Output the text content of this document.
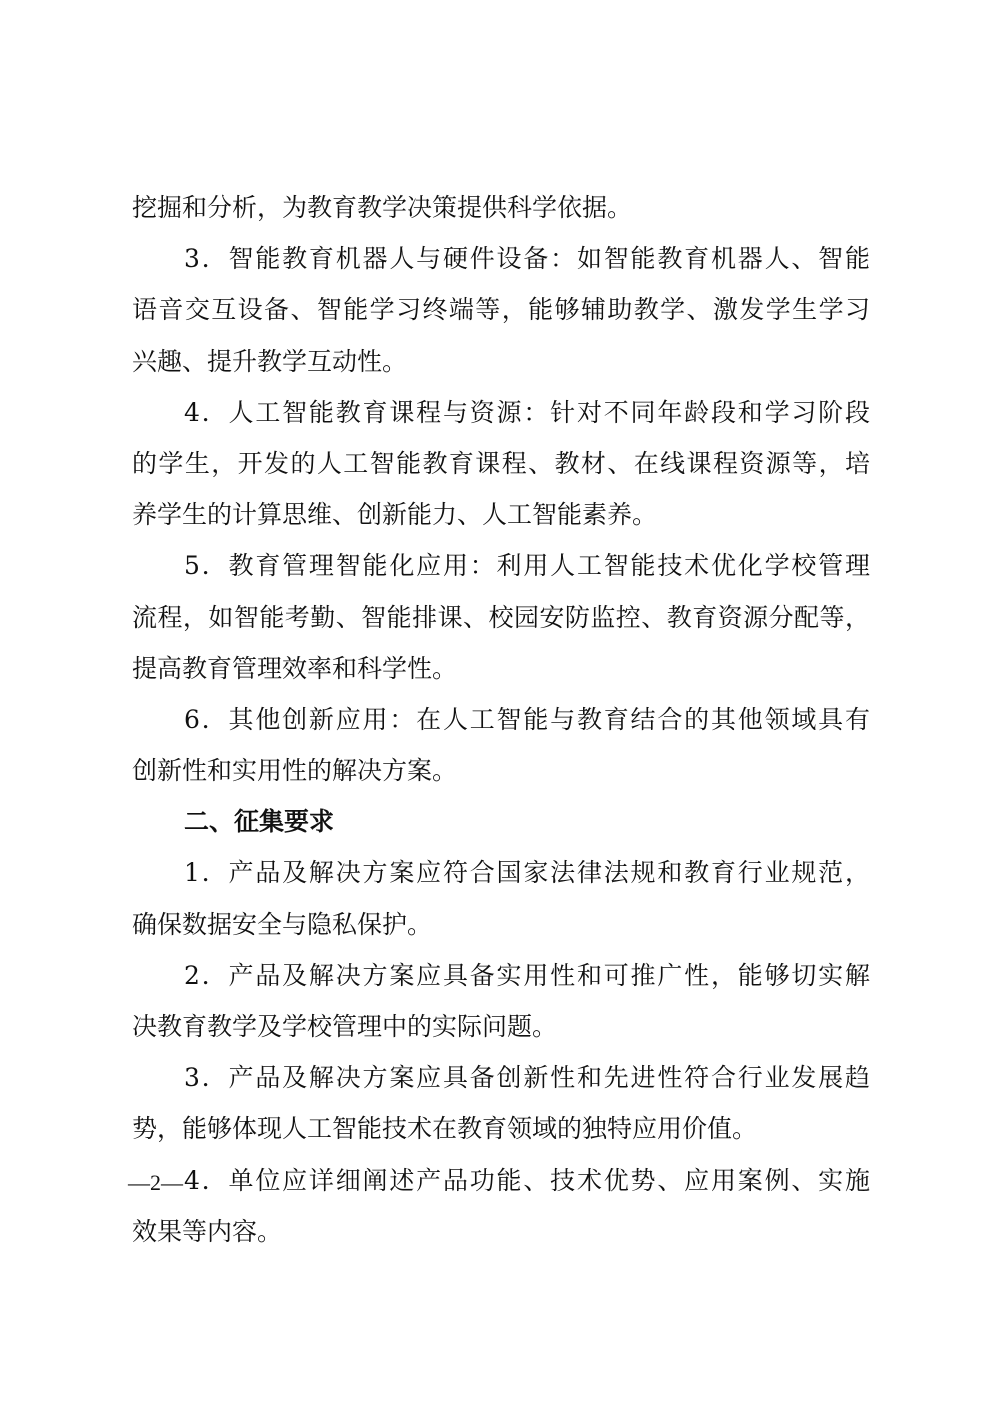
挖掘和分析，为教育教学决策提供科学依据。
3．智能教育机器人与硬件设备：如智能教育机器人、智能
语音交互设备、智能学习终端等，能够辅助教学、激发学生学习
兴趣、提升教学互动性。
4．人工智能教育课程与资源：针对不同年龄段和学习阶段
的学生，开发的人工智能教育课程、教材、在线课程资源等，培
养学生的计算思维、创新能力、人工智能素养。
5．教育管理智能化应用：利用人工智能技术优化学校管理
流程，如智能考勤、智能排课、校园安防监控、教育资源分配等，
提高教育管理效率和科学性。
6．其他创新应用：在人工智能与教育结合的其他领域具有
创新性和实用性的解决方案。
二、征集要求
1．产品及解决方案应符合国家法律法规和教育行业规范，
确保数据安全与隐私保护。
2．产品及解决方案应具备实用性和可推广性，能够切实解
决教育教学及学校管理中的实际问题。
3．产品及解决方案应具备创新性和先进性符合行业发展趋
势，能够体现人工智能技术在教育领域的独特应用价值。
4．单位应详细阐述产品功能、技术优势、应用案例、实施
效果等内容。
—2—
